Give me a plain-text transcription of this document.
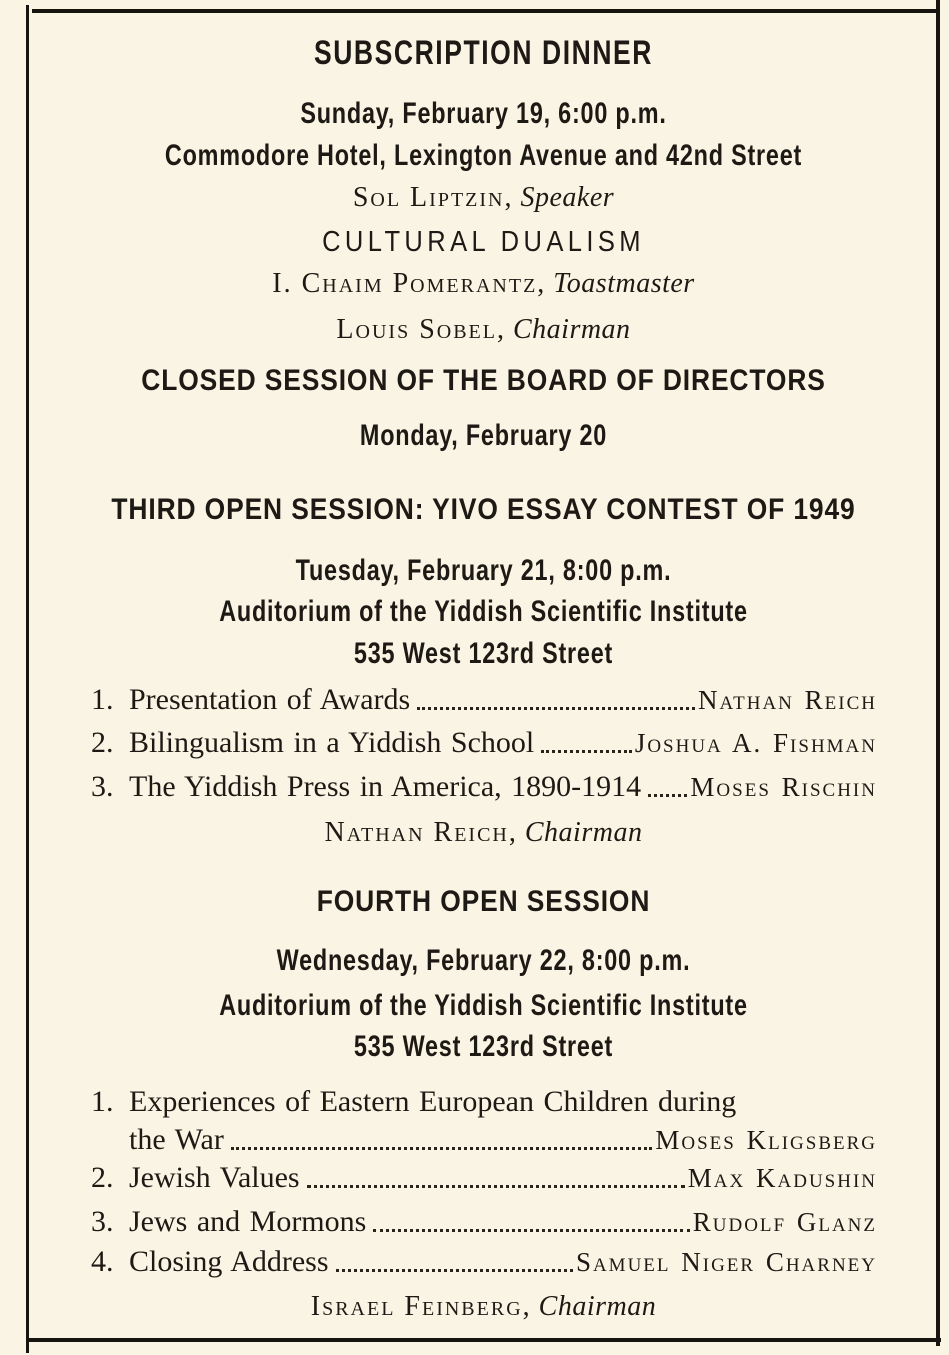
SUBSCRIPTION DINNER
Sunday, February 19, 6:00 p.m.
Commodore Hotel, Lexington Avenue and 42nd Street
Sol Liptzin, Speaker
CULTURAL DUALISM
I. Chaim Pomerantz, Toastmaster
Louis Sobel, Chairman
CLOSED SESSION OF THE BOARD OF DIRECTORS
Monday, February 20
THIRD OPEN SESSION: YIVO ESSAY CONTEST OF 1949
Tuesday, February 21, 8:00 p.m.
Auditorium of the Yiddish Scientific Institute
535 West 123rd Street
1. Presentation of Awards	Nathan Reich
2. Bilingualism in a Yiddish School	Joshua A. Fishman
3. The Yiddish Press in America, 1890-1914 Moses Rischin
Nathan Reich, Chairman
FOURTH OPEN SESSION
Wednesday, February 22, 8:00 p.m.
Auditorium of the Yiddish Scientific Institute
535 West 123rd Street
1. Experiences of Eastern European Children during
the War	Moses Kligsberg
2. Jewish Values	Max Kadushin
3. Jews and Mormons	Rudolf Glanz
4. Closing Address	Samuel Niger Charney
Israel Feinberg, Chairman
